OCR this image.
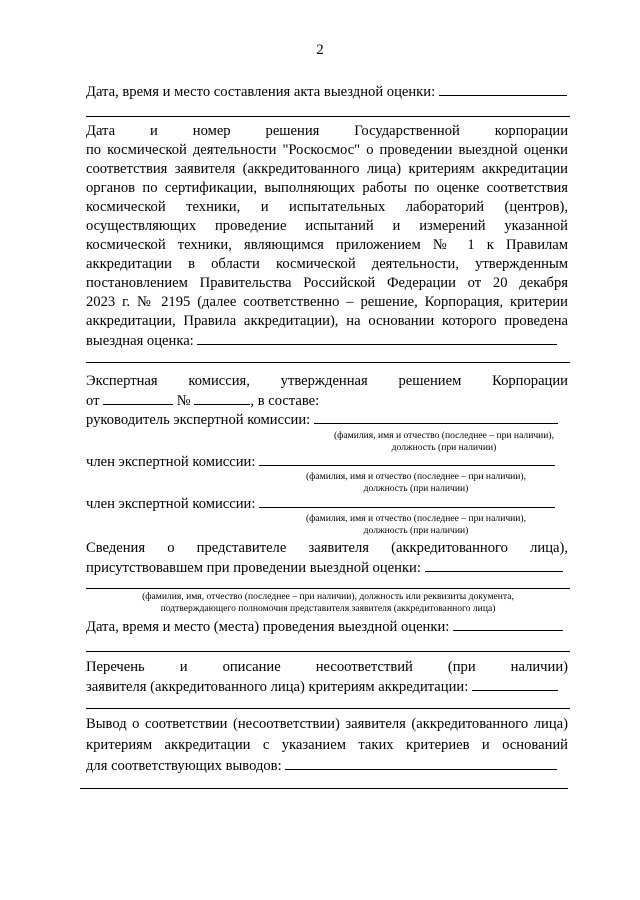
2
Дата, время и место составления акта выездной оценки:
Дата и номер решения Государственной корпорации
по космической деятельности "Роскосмос" о проведении выездной оценки
соответствия заявителя (аккредитованного лица) критериям аккредитации
органов по сертификации, выполняющих работы по оценке соответствия
космической техники, и испытательных лабораторий (центров),
осуществляющих проведение испытаний и измерений указанной
космической техники, являющимся приложением № 1 к Правилам
аккредитации в области космической деятельности, утвержденным
постановлением Правительства Российской Федерации от 20 декабря
2023 г. № 2195 (далее соответственно – решение, Корпорация, критерии
аккредитации, Правила аккредитации), на основании которого проведена
выездная оценка:
Экспертная комиссия, утвержденная решением Корпорации
от	№	, в составе:
руководитель экспертной комиссии:
(фамилия, имя и отчество (последнее – при наличии),
должность (при наличии)
член экспертной комиссии:
(фамилия, имя и отчество (последнее – при наличии),
должность (при наличии)
член экспертной комиссии:
(фамилия, имя и отчество (последнее – при наличии),
должность (при наличии)
Сведения о представителе заявителя (аккредитованного лица),
присутствовавшем при проведении выездной оценки:
(фамилия, имя, отчество (последнее – при наличии), должность или реквизиты документа,
подтверждающего полномочия представителя заявителя (аккредитованного лица)
Дата, время и место (места) проведения выездной оценки:
Перечень и описание несоответствий (при наличии)
заявителя (аккредитованного лица) критериям аккредитации:
Вывод о соответствии (несоответствии) заявителя (аккредитованного лица)
критериям аккредитации с указанием таких критериев и оснований
для соответствующих выводов:
